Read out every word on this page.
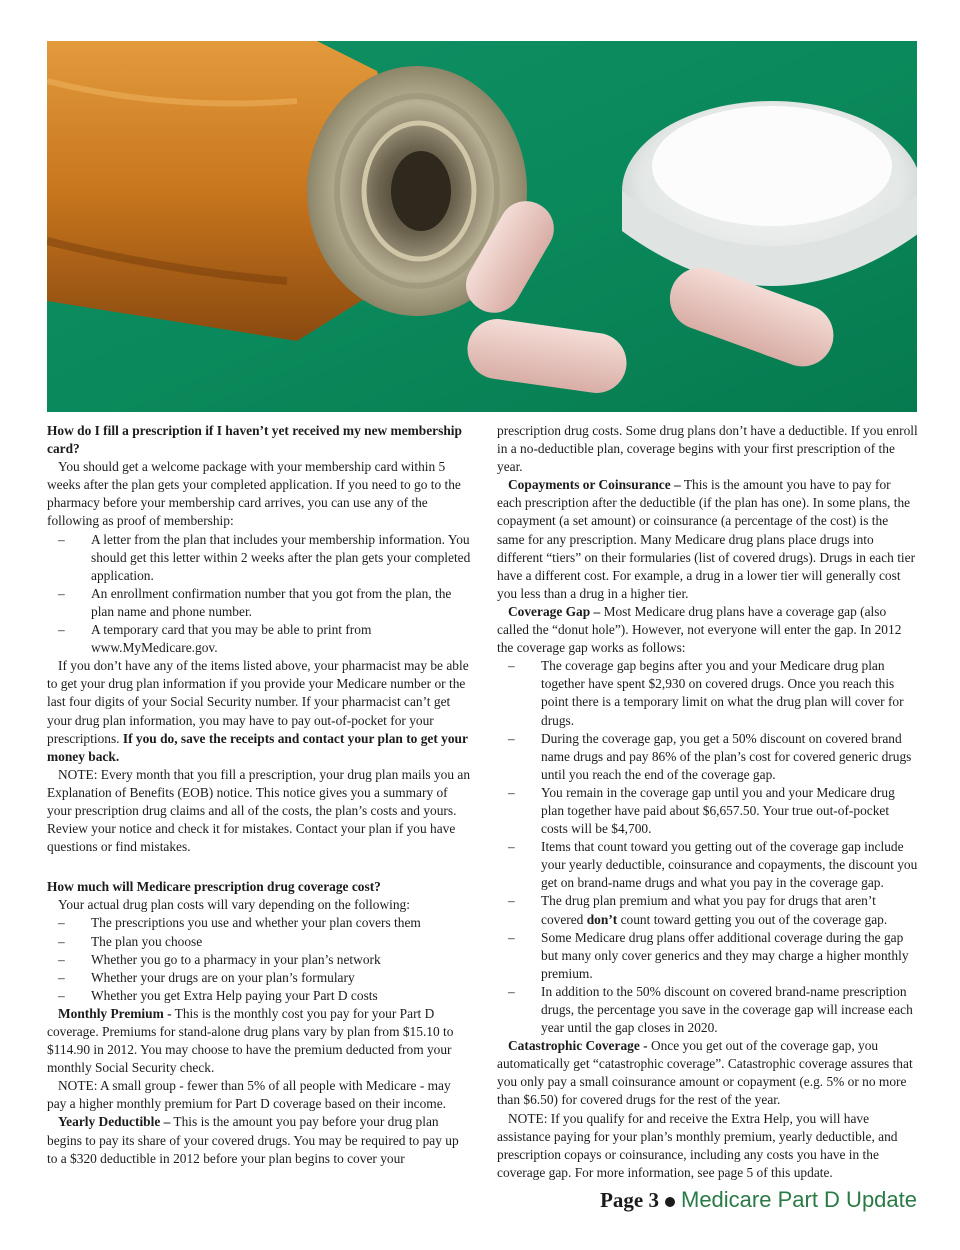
How do I fill a prescription if I haven’t yet received my new membership card?

You should get a welcome package with your membership card within 5 weeks after the plan gets your completed application. If you need to go to the pharmacy before your membership card arrives, you can use any of the following as proof of membership:

– A letter from the plan that includes your membership information. You should get this letter within 2 weeks after the plan gets your completed application.
– An enrollment confirmation number that you got from the plan, the plan name and phone number.
– A temporary card that you may be able to print from www.MyMedicare.gov.

If you don’t have any of the items listed above, your pharmacist may be able to get your drug plan information if you provide your Medicare number or the last four digits of your Social Security number. If your pharmacist can’t get your drug plan information, you may have to pay out-of-pocket for your prescriptions. If you do, save the receipts and contact your plan to get your money back.

NOTE: Every month that you fill a prescription, your drug plan mails you an Explanation of Benefits (EOB) notice. This notice gives you a summary of your prescription drug claims and all of the costs, the plan’s costs and yours. Review your notice and check it for mistakes. Contact your plan if you have questions or find mistakes.

How much will Medicare prescription drug coverage cost?

Your actual drug plan costs will vary depending on the following:

– The prescriptions you use and whether your plan covers them
– The plan you choose
– Whether you go to a pharmacy in your plan’s network
– Whether your drugs are on your plan’s formulary
– Whether you get Extra Help paying your Part D costs

Monthly Premium - This is the monthly cost you pay for your Part D coverage. Premiums for stand-alone drug plans vary by plan from $15.10 to $114.90 in 2012. You may choose to have the premium deducted from your monthly Social Security check.

NOTE: A small group - fewer than 5% of all people with Medicare - may pay a higher monthly premium for Part D coverage based on their income.

Yearly Deductible – This is the amount you pay before your drug plan begins to pay its share of your covered drugs. You may be required to pay up to a $320 deductible in 2012 before your plan begins to cover your

prescription drug costs. Some drug plans don’t have a deductible. If you enroll in a no-deductible plan, coverage begins with your first prescription of the year.

Copayments or Coinsurance – This is the amount you have to pay for each prescription after the deductible (if the plan has one). In some plans, the copayment (a set amount) or coinsurance (a percentage of the cost) is the same for any prescription. Many Medicare drug plans place drugs into different “tiers” on their formularies (list of covered drugs). Drugs in each tier have a different cost. For example, a drug in a lower tier will generally cost you less than a drug in a higher tier.

Coverage Gap – Most Medicare drug plans have a coverage gap (also called the “donut hole”). However, not everyone will enter the gap. In 2012 the coverage gap works as follows:

– The coverage gap begins after you and your Medicare drug plan together have spent $2,930 on covered drugs. Once you reach this point there is a temporary limit on what the drug plan will cover for drugs.
– During the coverage gap, you get a 50% discount on covered brand name drugs and pay 86% of the plan’s cost for covered generic drugs until you reach the end of the coverage gap.
– You remain in the coverage gap until you and your Medicare drug plan together have paid about $6,657.50. Your true out-of-pocket costs will be $4,700.
– Items that count toward you getting out of the coverage gap include your yearly deductible, coinsurance and copayments, the discount you get on brand-name drugs and what you pay in the coverage gap.
– The drug plan premium and what you pay for drugs that aren’t covered don’t count toward getting you out of the coverage gap.
– Some Medicare drug plans offer additional coverage during the gap but many only cover generics and they may charge a higher monthly premium.
– In addition to the 50% discount on covered brand-name prescription drugs, the percentage you save in the coverage gap will increase each year until the gap closes in 2020.

Catastrophic Coverage - Once you get out of the coverage gap, you automatically get “catastrophic coverage”. Catastrophic coverage assures that you only pay a small coinsurance amount or copayment (e.g. 5% or no more than $6.50) for covered drugs for the rest of the year.

NOTE: If you qualify for and receive the Extra Help, you will have assistance paying for your plan’s monthly premium, yearly deductible, and prescription copays or coinsurance, including any costs you have in the coverage gap. For more information, see page 5 of this update.

Page 3 Medicare Part D Update
